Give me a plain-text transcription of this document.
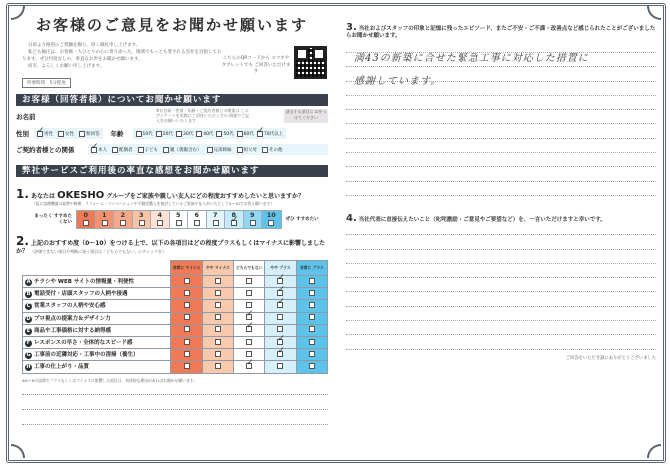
お客様のご意見をお聞かせ願います

日頃より格別のご愛顧を賜り、厚く御礼申し上げます。

私ども桶庄は、お客様一人ひとりの心に寄り添った、地域でもっとも愛される会社を目指しております。ぜひ忖度なしの、率直なお声をお聞かせ願います。

何卒、よろしくお願い申し上げます。

所要時間　5分程度
こちらのQRコードから スマホやタブレットでも ご回答いただけます
お客様（回答者様）についてお聞かせ願います
お名前
※お名前・性別・年齢・ご契約者様との関係は このアンケートを実際にご回答いただく方の 情報でご記入をお願いいたします
該当する項目に ☑をつけてください
性別 ✓	男性	女性	無回答 年齢	10代 20代 30代 40代 50代 60代 ✓ 70代以上
ご契約者様との関係 ✓	本人	配偶者	子ども	親（義親含む）	兄弟姉妹	祖父母	その他
弊社サービスご利用後の率直な感想をお聞かせ願います
1. あなたは OKESHO グループをご家族や親しい友人にどの程度おすすめしたいと思いますか？
（仮に設備機器の取替や修理、リフォーム・リノベーションや不動産購入を検討しているご家族や友人がいたとして0〜10でお答え願います）
まったく すすめたくない
0	1	2	3	4	5	6	7
✓	9	10	ぜひ すすめたい
2. 上記のおすすめ度（0〜10）をつける上で、以下の各項目はどの程度プラスもしくはマイナスに影響しましたか？ （評価できない項目や判断に迷う項目は「どちらでもない」にチェックを）
	非常に マイナス	やや マイナス	どちらでもない	やや プラス	非常に プラス
A チラシや WEB サイトの情報量・利便性				✓	
B 電話受付・店頭スタッフの人柄や接遇				✓	
C 営業スタッフの人柄や安心感				✓	
D プロ視点の提案力＆デザイン力			✓		
E 商品や工事価格に対する納得感			✓		
F レスポンスの早さ・全体的なスピード感				✓	
G 工事前の近隣対応・工事中の清掃（養生）				✓	
H 工事の仕上がり・品質			✓		
※A〜Hの設問でプラスもしくはマイナスに影響した項目は、具体的な理由があればお聞かせ願います。
3. 当社およびスタッフの印象と記憶に残ったエピソード、またご不安・ご不満・改善点など感じられたことがございましたらお聞かせ願います。
満43の新築に合せた緊急工事に対応した措置に
感謝しています。
4. 当社代表に直接伝えたいこと（叱咤激励・ご意見やご要望など）を、一言いただけますと幸いです。
ご回答をいただき誠にありがとうございました
